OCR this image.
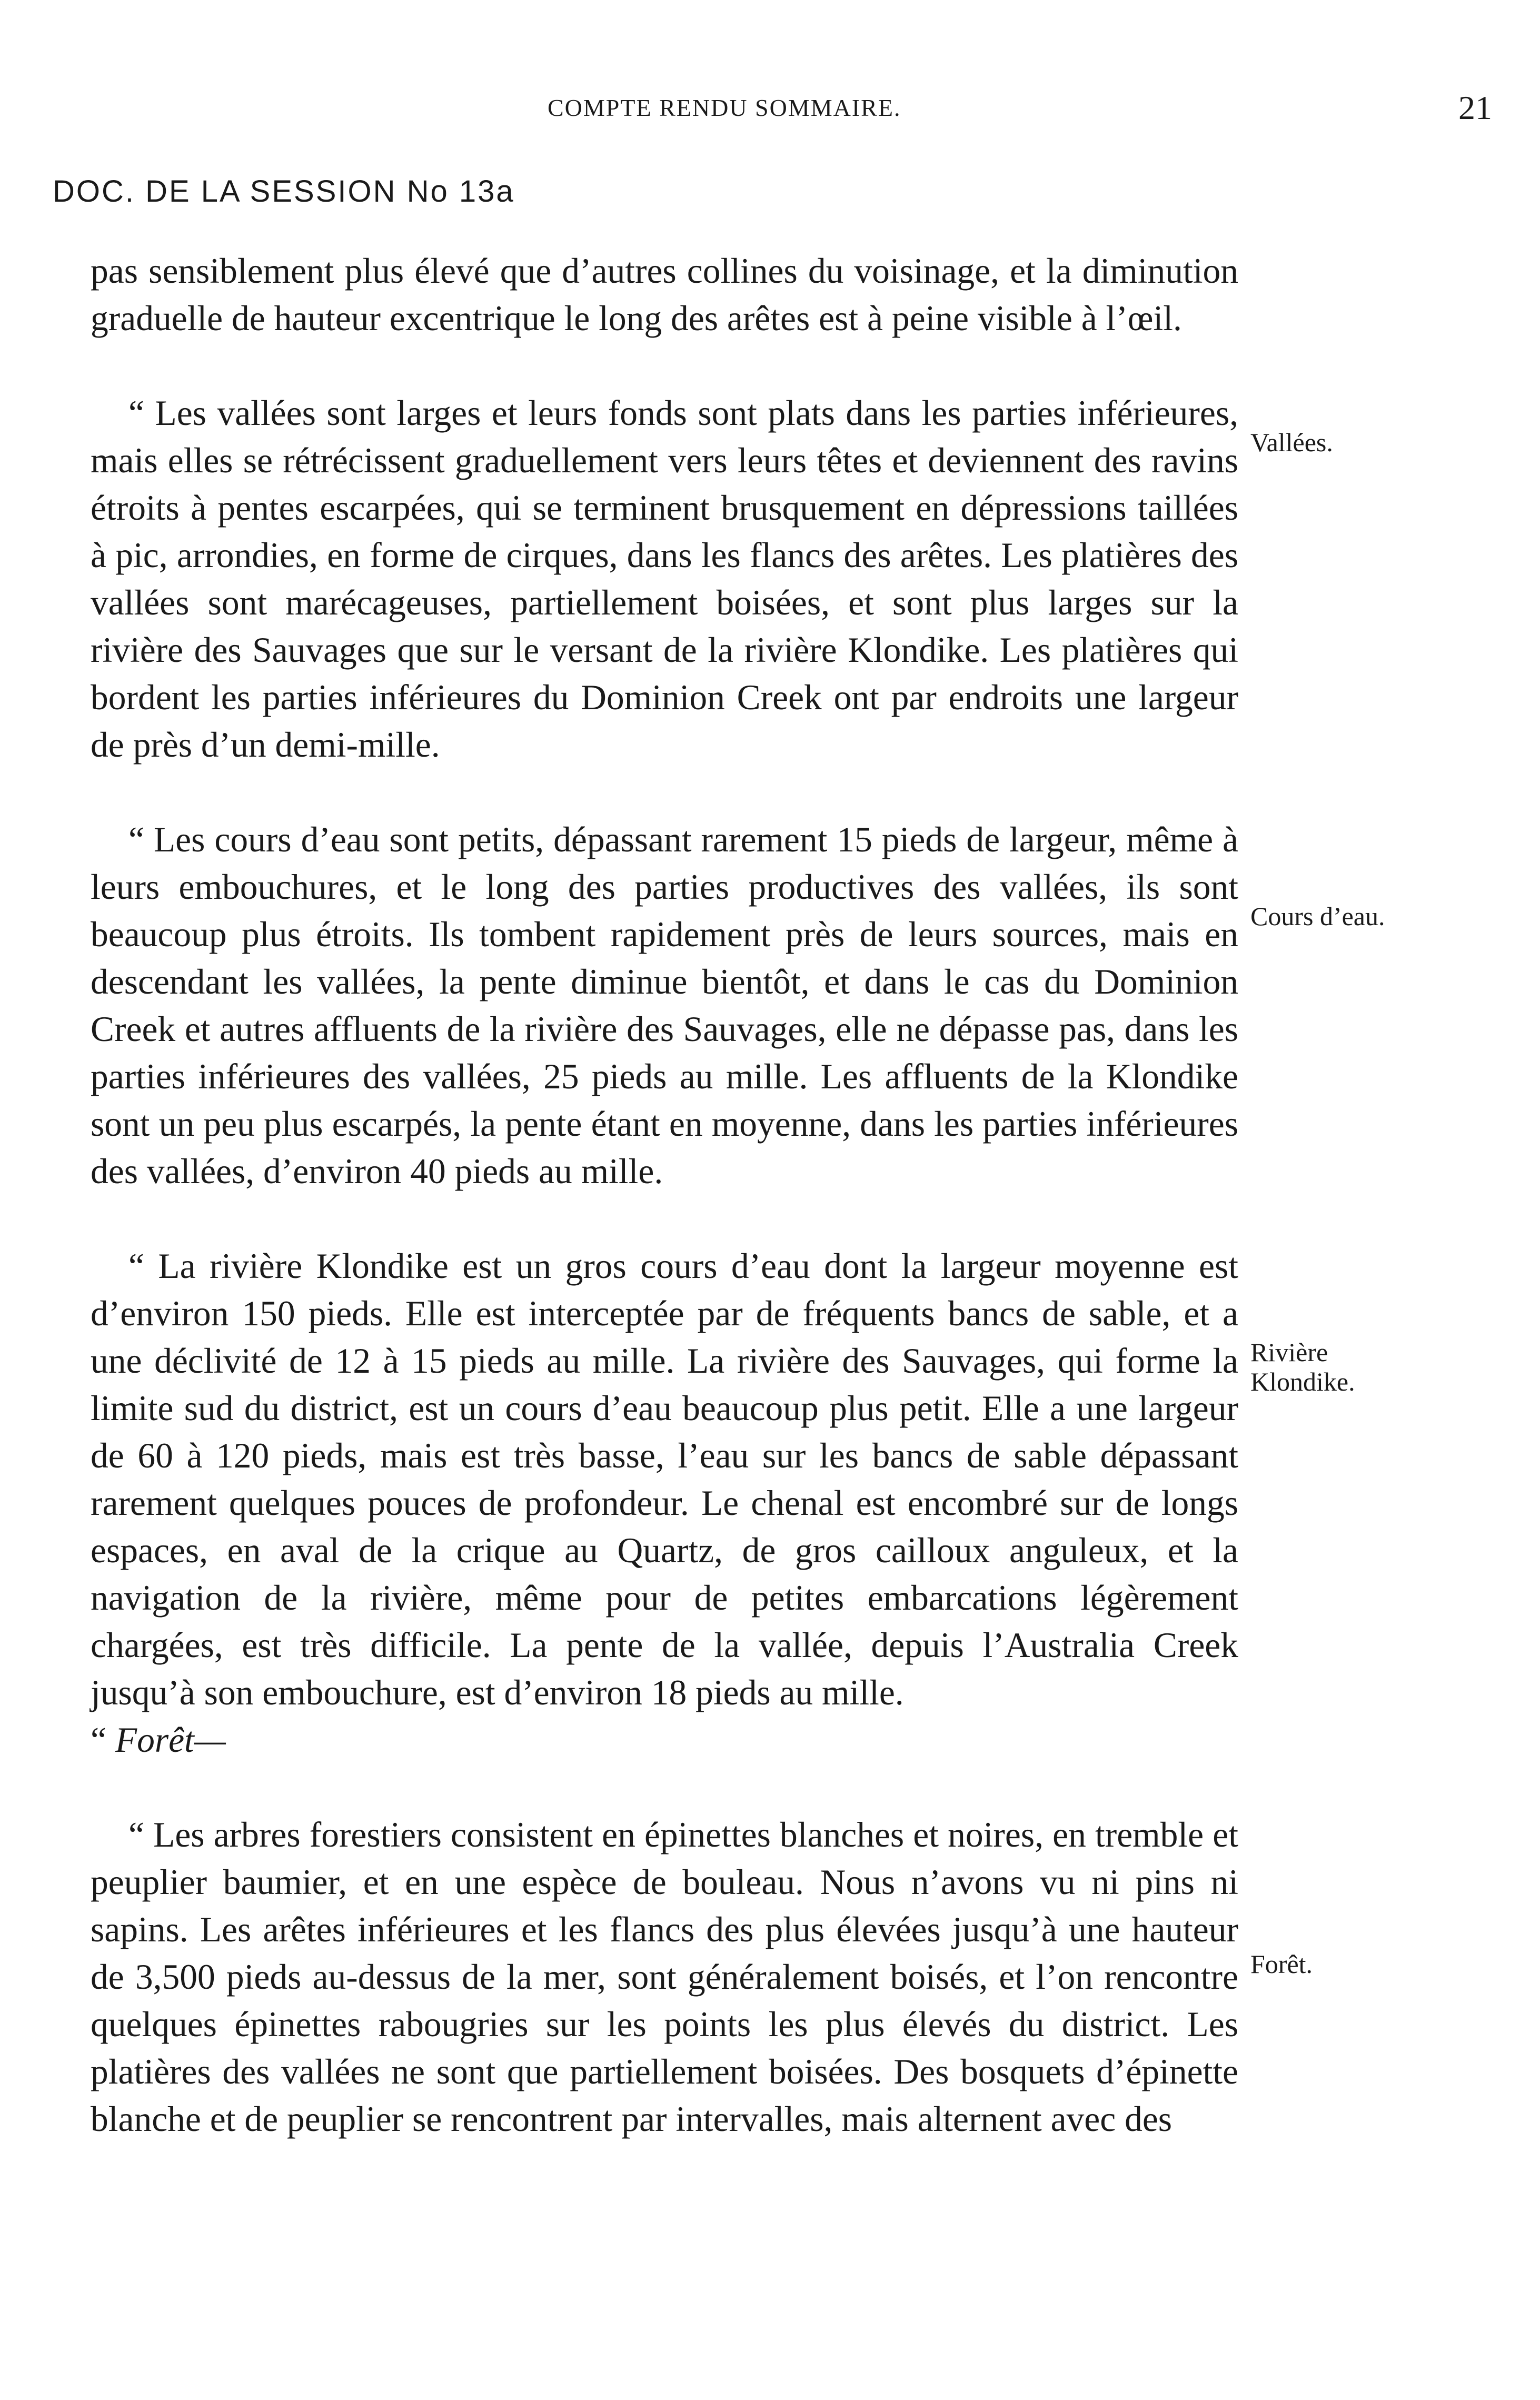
COMPTE RENDU SOMMAIRE.	21
DOC. DE LA SESSION No 13a

pas sensiblement plus élevé que d’autres collines du voisinage, et la diminution graduelle de hauteur excentrique le long des arêtes est à peine visible à l’œil.

“ Les vallées sont larges et leurs fonds sont plats dans les parties inférieures, mais elles se rétrécissent graduellement vers leurs têtes et deviennent des ravins étroits à pentes escarpées, qui se terminent brusquement en dépressions taillées à pic, arrondies, en forme de cirques, dans les flancs des arêtes. Les platières des vallées sont marécageuses, partiellement boisées, et sont plus larges sur la rivière des Sauvages que sur le versant de la rivière Klondike. Les platières qui bordent les parties inférieures du Dominion Creek ont par endroits une largeur de près d’un demi-mille.

“ Les cours d’eau sont petits, dépassant rarement 15 pieds de largeur, même à leurs embouchures, et le long des parties productives des vallées, ils sont beaucoup plus étroits. Ils tombent rapidement près de leurs sources, mais en descendant les vallées, la pente diminue bientôt, et dans le cas du Dominion Creek et autres affluents de la rivière des Sauvages, elle ne dépasse pas, dans les parties inférieures des vallées, 25 pieds au mille. Les affluents de la Klondike sont un peu plus escarpés, la pente étant en moyenne, dans les parties inférieures des vallées, d’environ 40 pieds au mille.

“ La rivière Klondike est un gros cours d’eau dont la largeur moyenne est d’environ 150 pieds. Elle est interceptée par de fréquents bancs de sable, et a une déclivité de 12 à 15 pieds au mille. La rivière des Sauvages, qui forme la limite sud du district, est un cours d’eau beaucoup plus petit. Elle a une largeur de 60 à 120 pieds, mais est très basse, l’eau sur les bancs de sable dépassant rarement quelques pouces de profondeur. Le chenal est encombré sur de longs espaces, en aval de la crique au Quartz, de gros cailloux anguleux, et la navigation de la rivière, même pour de petites embarcations légèrement chargées, est très difficile. La pente de la vallée, depuis l’Australia Creek jusqu’à son embouchure, est d’environ 18 pieds au mille.

“ Forêt—

“ Les arbres forestiers consistent en épinettes blanches et noires, en tremble et peuplier baumier, et en une espèce de bouleau. Nous n’avons vu ni pins ni sapins. Les arêtes inférieures et les flancs des plus élevées jusqu’à une hauteur de 3,500 pieds au-dessus de la mer, sont généralement boisés, et l’on rencontre quelques épinettes rabougries sur les points les plus élevés du district. Les platières des vallées ne sont que partiellement boisées. Des bosquets d’épinette blanche et de peuplier se rencontrent par intervalles, mais alternent avec des

Vallées.
Cours d’eau.
Rivière
Klondike.
Forêt.
